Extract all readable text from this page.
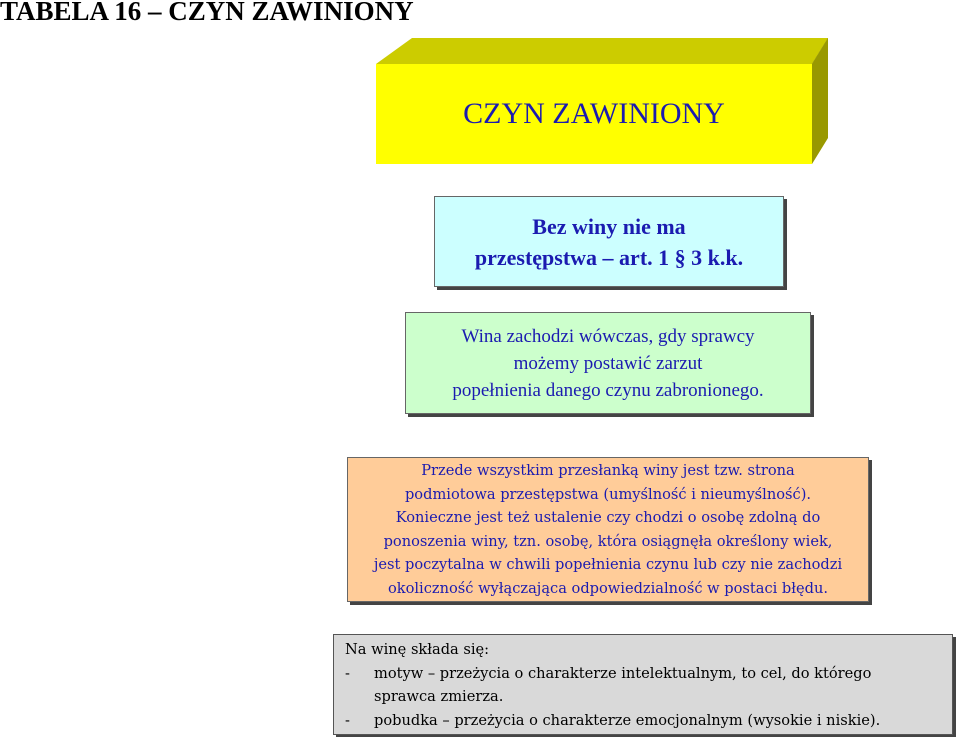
TABELA 16 – CZYN ZAWINIONY
CZYN ZAWINIONY
Bez winy nie ma
przestępstwa – art. 1 § 3 k.k.
Wina zachodzi wówczas, gdy sprawcy
możemy postawić zarzut
popełnienia danego czynu zabronionego.
Przede wszystkim przesłanką winy jest tzw. strona
podmiotowa przestępstwa (umyślność i nieumyślność).
Konieczne jest też ustalenie czy chodzi o osobę zdolną do
ponoszenia winy, tzn. osobę, która osiągnęła określony wiek,
jest poczytalna w chwili popełnienia czynu lub czy nie zachodzi
okoliczność wyłączająca odpowiedzialność w postaci błędu.
Na winę składa się:
-	motyw – przeżycia o charakterze intelektualnym, to cel, do którego
sprawca zmierza.
-	pobudka – przeżycia o charakterze emocjonalnym (wysokie i niskie).
